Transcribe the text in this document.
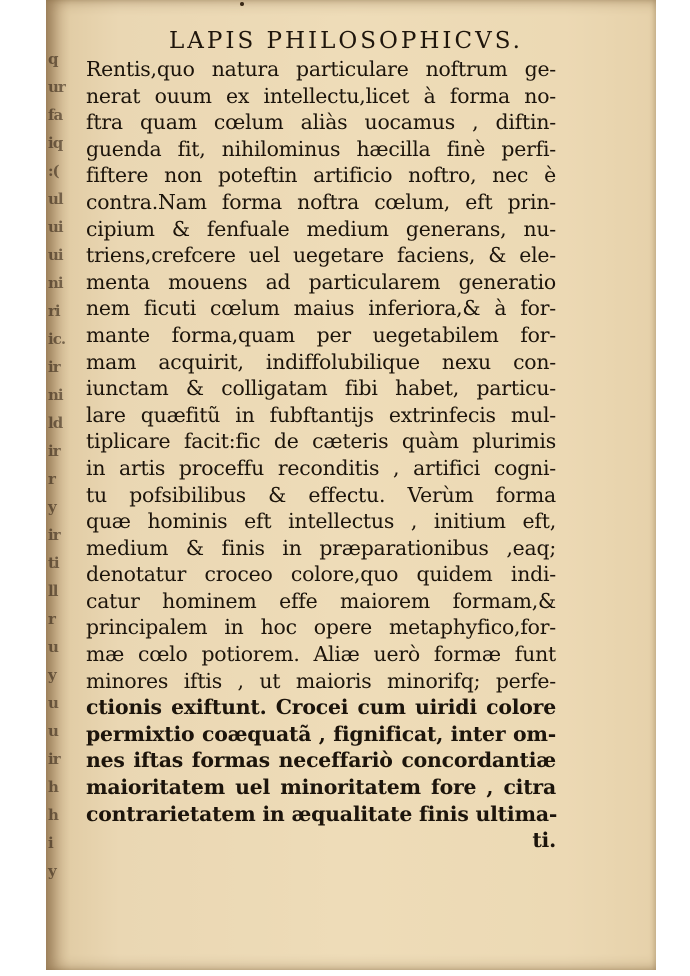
q
ur
fa
iq
:(
ul
ui
ui
ni
ri
ic.
ir
ni
ld
ir
r
y
ir
ti
ll
r
u
y
u
u
ir
h
h
i
y
LAPIS PHILOSOPHICVS.
Rentis,quo natura particulare noftrum ge-
nerat ouum ex intellectu,licet à forma no-
ftra quam cœlum aliàs uocamus , diftin-
guenda fit, nihilominus hæcilla finè perfi-
fiftere non poteftin artificio noftro, nec è
contra.Nam forma noftra cœlum, eft prin-
cipium & fenfuale medium generans, nu-
triens,crefcere uel uegetare faciens, & ele-
menta mouens ad particularem generatio
nem ficuti cœlum maius inferiora,& à for-
mante forma,quam per uegetabilem for-
mam acquirit, indiffolubilique nexu con-
iunctam & colligatam fibi habet, particu-
lare quæfitũ in fubftantijs extrinfecis mul-
tiplicare facit:fic de cæteris quàm plurimis
in artis proceffu reconditis , artifici cogni-
tu pofsibilibus & effectu. Verùm forma
quæ hominis eft intellectus , initium eft,
medium & finis in præparationibus ,eaq;
denotatur croceo colore,quo quidem indi-
catur hominem effe maiorem formam,&
principalem in hoc opere metaphyfico,for-
mæ cœlo potiorem. Aliæ uerò formæ funt
minores iftis , ut maioris minorifq; perfe-
ctionis exiftunt. Crocei cum uiridi colore
permixtio coæquatã , fignificat, inter om-
nes iftas formas neceffariò concordantiæ
maioritatem uel minoritatem fore , citra
contrarietatem in æqualitate finis ultima-
ti.
